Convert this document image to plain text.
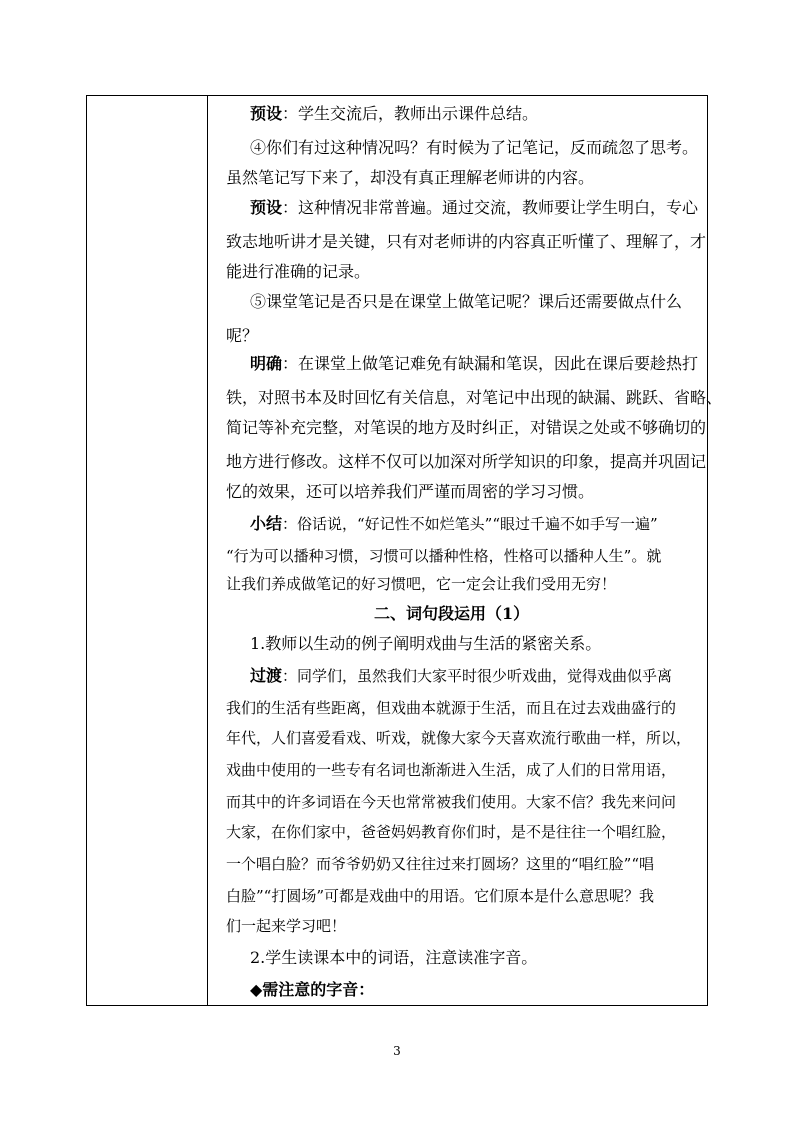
预设：学生交流后，教师出示课件总结。
④你们有过这种情况吗？有时候为了记笔记，反而疏忽了思考。
虽然笔记写下来了，却没有真正理解老师讲的内容。
预设：这种情况非常普遍。通过交流，教师要让学生明白，专心
致志地听讲才是关键，只有对老师讲的内容真正听懂了、理解了，才
能进行准确的记录。
⑤课堂笔记是否只是在课堂上做笔记呢？课后还需要做点什么
呢？
明确：在课堂上做笔记难免有缺漏和笔误，因此在课后要趁热打
铁，对照书本及时回忆有关信息，对笔记中出现的缺漏、跳跃、省略、
简记等补充完整，对笔误的地方及时纠正，对错误之处或不够确切的
地方进行修改。这样不仅可以加深对所学知识的印象，提高并巩固记
忆的效果，还可以培养我们严谨而周密的学习习惯。
小结：俗话说，“好记性不如烂笔头”“眼过千遍不如手写一遍”
“行为可以播种习惯，习惯可以播种性格，性格可以播种人生”。就
让我们养成做笔记的好习惯吧，它一定会让我们受用无穷！
二、词句段运用（1）
1.教师以生动的例子阐明戏曲与生活的紧密关系。
过渡：同学们，虽然我们大家平时很少听戏曲，觉得戏曲似乎离
我们的生活有些距离，但戏曲本就源于生活，而且在过去戏曲盛行的
年代，人们喜爱看戏、听戏，就像大家今天喜欢流行歌曲一样，所以，
戏曲中使用的一些专有名词也渐渐进入生活，成了人们的日常用语，
而其中的许多词语在今天也常常被我们使用。大家不信？我先来问问
大家，在你们家中，爸爸妈妈教育你们时，是不是往往一个唱红脸，
一个唱白脸？而爷爷奶奶又往往过来打圆场？这里的“唱红脸”“唱
白脸”“打圆场”可都是戏曲中的用语。它们原本是什么意思呢？我
们一起来学习吧！
2.学生读课本中的词语，注意读准字音。
◆需注意的字音：
3
